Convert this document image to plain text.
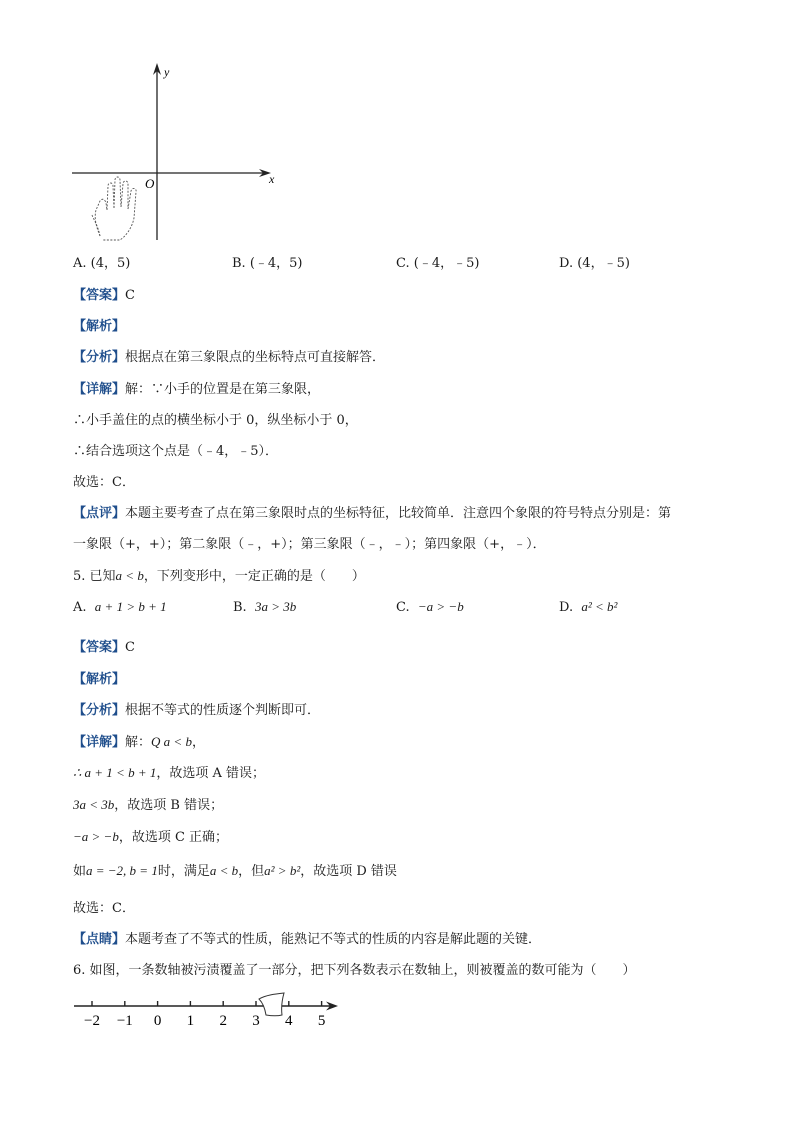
y
x
O
A. (4，5)	B. (﹣4，5)	C. (﹣4，﹣5)	D. (4，﹣5)
【答案】C
【解析】
【分析】根据点在第三象限点的坐标特点可直接解答．
【详解】解：∵小手的位置是在第三象限，
∴小手盖住的点的横坐标小于 0，纵坐标小于 0，
∴结合选项这个点是（﹣4，﹣5）．
故选：C．
【点评】本题主要考查了点在第三象限时点的坐标特征，比较简单．注意四个象限的符号特点分别是：第
一象限（+，+）；第二象限（﹣，+）；第三象限（﹣，﹣）；第四象限（+，﹣）．
5. 已知a < b，下列变形中，一定正确的是（　　）
A. a + 1 > b + 1	B. 3a > 3b	C. −a > −b	D. a² < b²
【答案】C
【解析】
【分析】根据不等式的性质逐个判断即可．
【详解】解：Q a < b，
∴ a + 1 < b + 1，故选项 A 错误；
3a < 3b，故选项 B 错误；
−a > −b，故选项 C 正确；
如a = −2, b = 1时，满足a < b，但a² > b²，故选项 D 错误
故选：C．
【点睛】本题考查了不等式的性质，能熟记不等式的性质的内容是解此题的关键．
6. 如图，一条数轴被污渍覆盖了一部分，把下列各数表示在数轴上，则被覆盖的数可能为（　　）
−2 −1 0 1 2 3 4 5
